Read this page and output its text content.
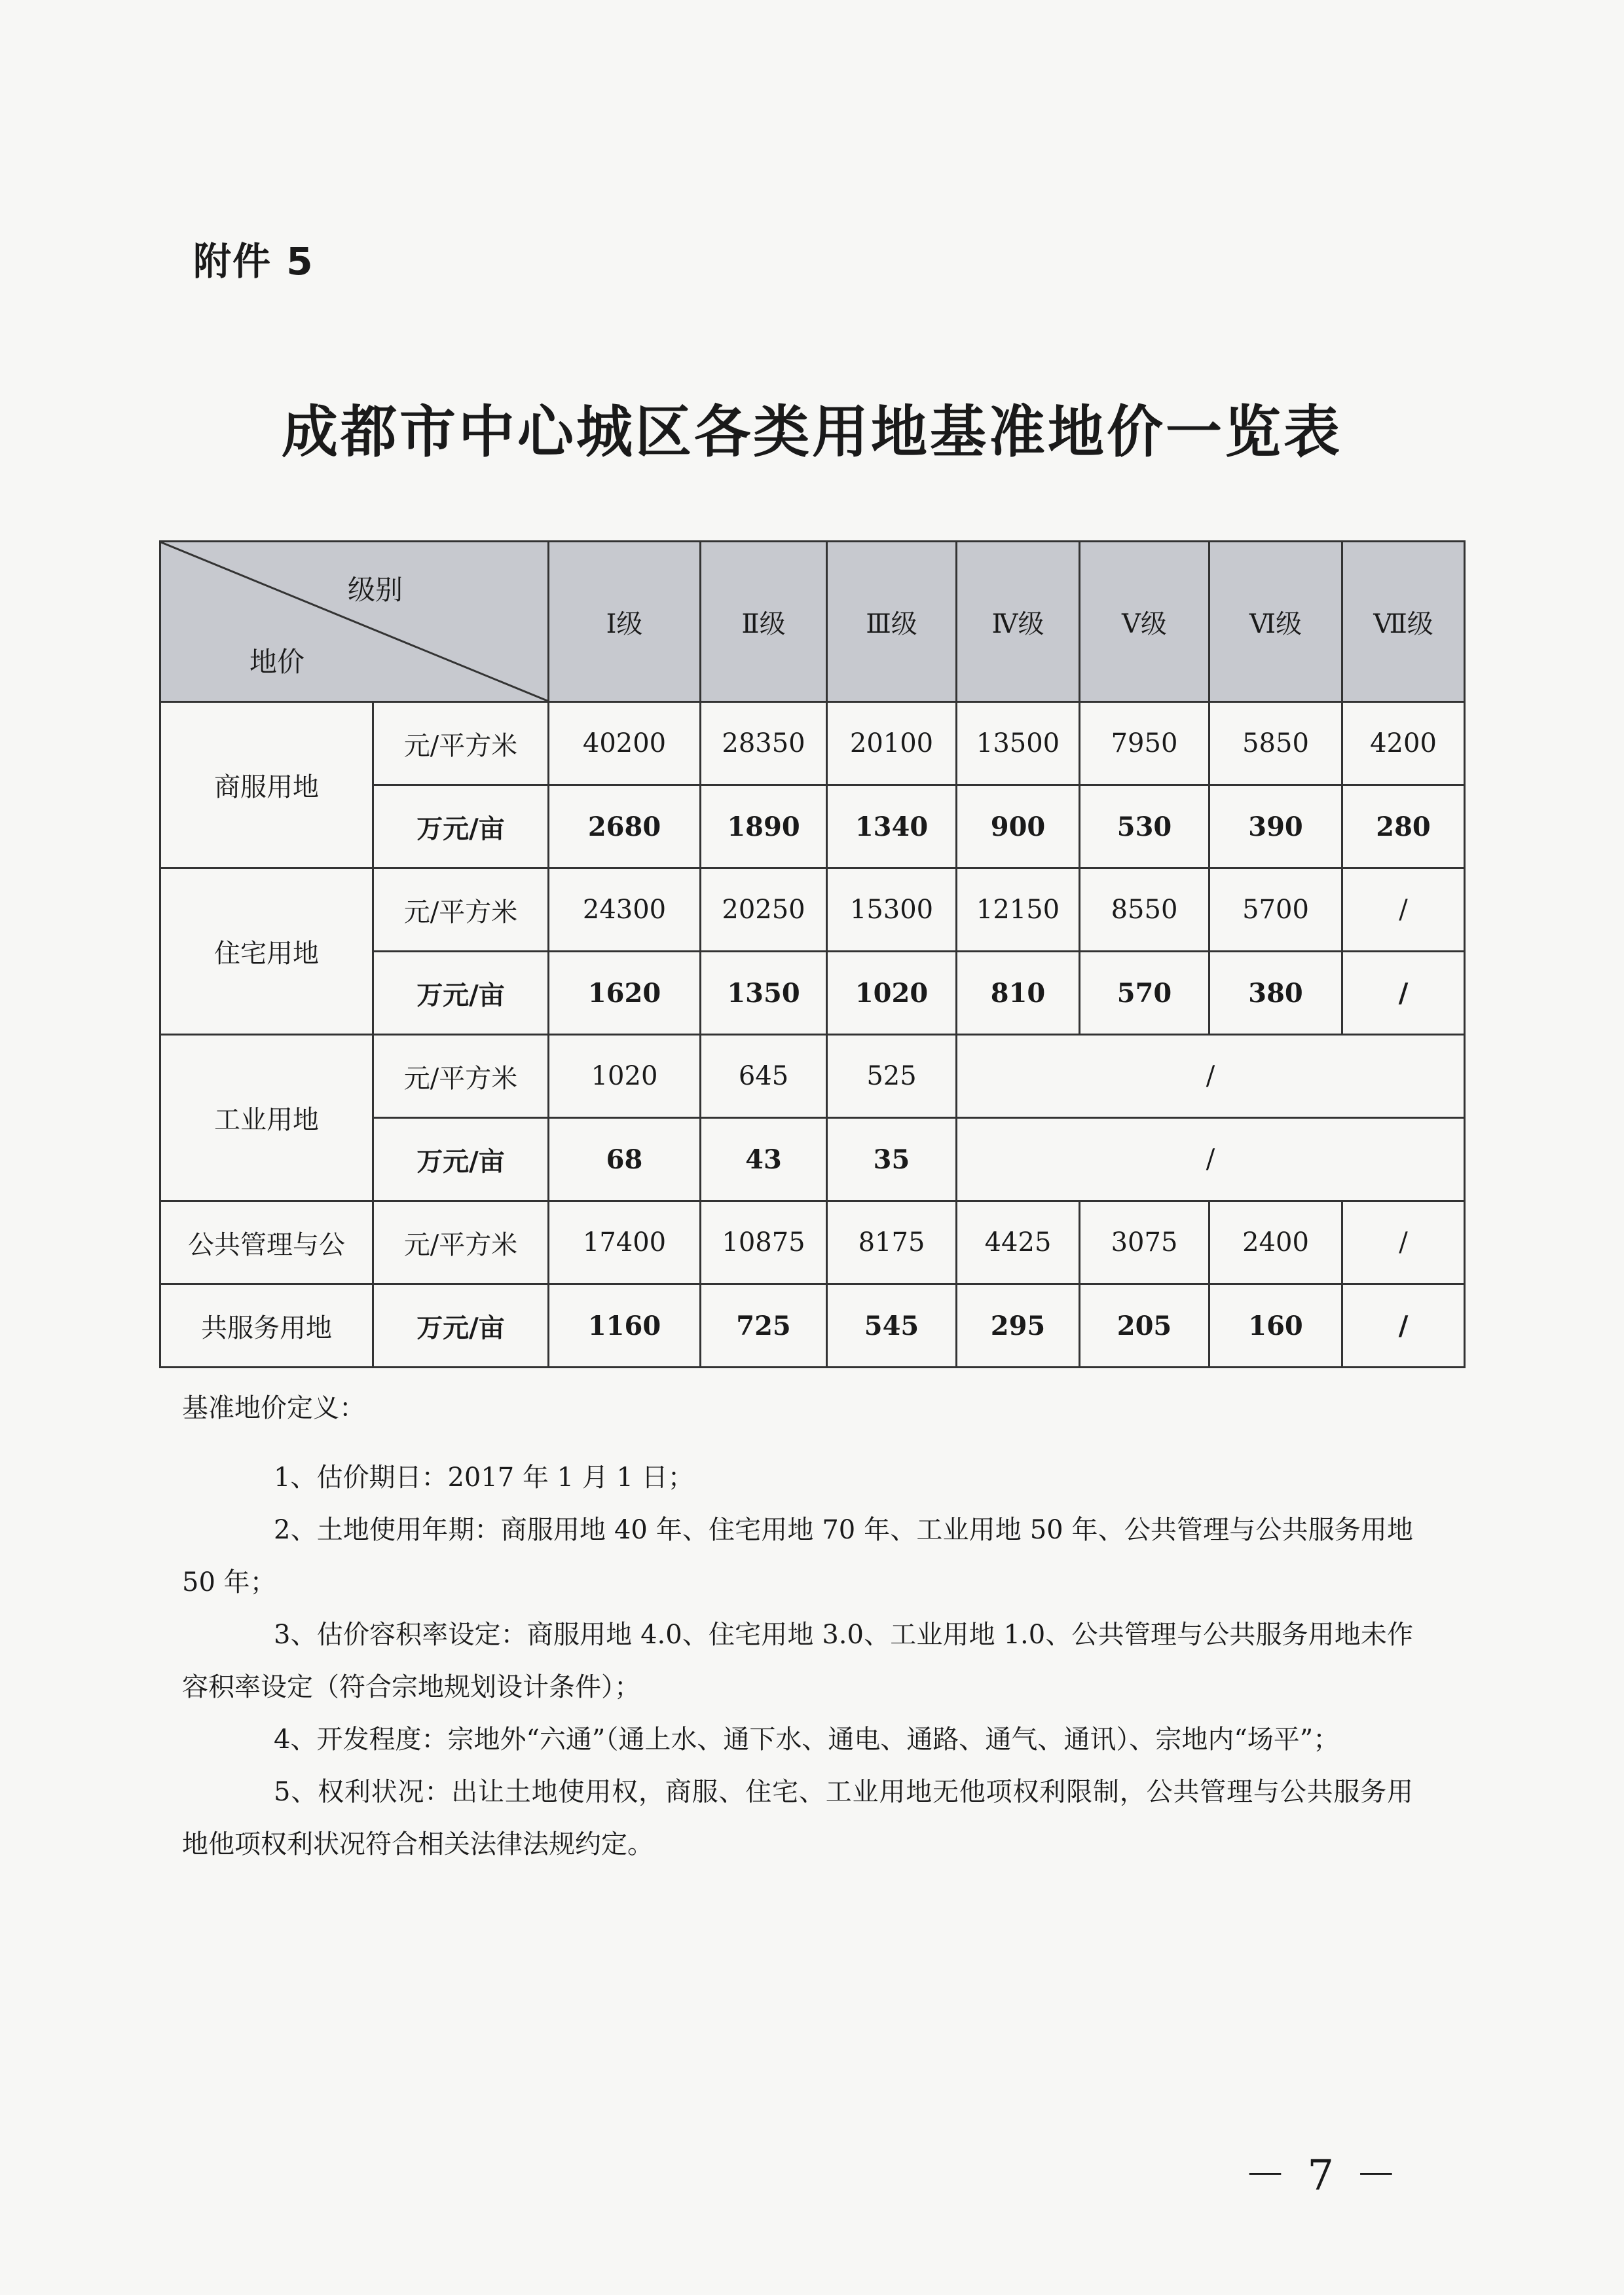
附件 5
成都市中心城区各类用地基准地价一览表
级别
地价		Ⅰ级	Ⅱ级	Ⅲ级	Ⅳ级	Ⅴ级	Ⅵ级	Ⅶ级
商服用地	元/平方米	40200	28350	20100	13500	7950	5850	4200
	万元/亩	2680	1890	1340	900	530	390	280
住宅用地	元/平方米	24300	20250	15300	12150	8550	5700	/
	万元/亩	1620	1350	1020	810	570	380	/
工业用地	元/平方米	1020	645	525	/			
	万元/亩	68	43	35	/			
公共管理与公	元/平方米	17400	10875	8175	4425	3075	2400	/
共服务用地	万元/亩	1160	725	545	295	205	160	/

基准地价定义：

1、估价期日：2017 年 1 月 1 日；

2、土地使用年期：商服用地 40 年、住宅用地 70 年、工业用地 50 年、公共管理与公共服务用地 50 年；

3、估价容积率设定：商服用地 4.0、住宅用地 3.0、工业用地 1.0、公共管理与公共服务用地未作容积率设定（符合宗地规划设计条件）；

4、开发程度：宗地外“六通”（通上水、通下水、通电、通路、通气、通讯）、宗地内“场平”；

5、权利状况：出让土地使用权，商服、住宅、工业用地无他项权利限制，公共管理与公共服务用地他项权利状况符合相关法律法规约定。

－ 7 －
